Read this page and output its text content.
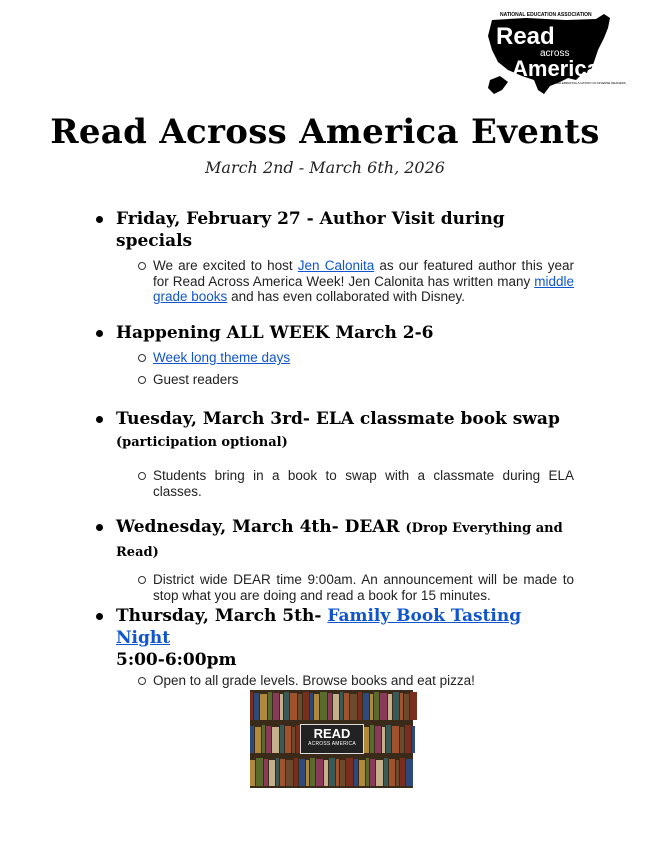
NATIONAL EDUCATION ASSOCIATION
Read
across
America
CELEBRATING A NATION OF DIVERSE READERS
Read Across America Events
March 2nd - March 6th, 2026
Friday, February 27 - Author Visit during specials
We are excited to host Jen Calonita as our featured author this year for Read Across America Week! Jen Calonita has written many middle grade books and has even collaborated with Disney.
Happening ALL WEEK March 2-6
Week long theme days
Guest readers
Tuesday, March 3rd- ELA classmate book swap
(participation optional)
Students bring in a book to swap with a classmate during ELA classes.
Wednesday, March 4th- DEAR (Drop Everything and Read)
District wide DEAR time 9:00am. An announcement will be made to stop what you are doing and read a book for 15 minutes.
Thursday, March 5th- Family Book Tasting Night
5:00-6:00pm
Open to all grade levels. Browse books and eat pizza!
READ
ACROSS AMERICA
